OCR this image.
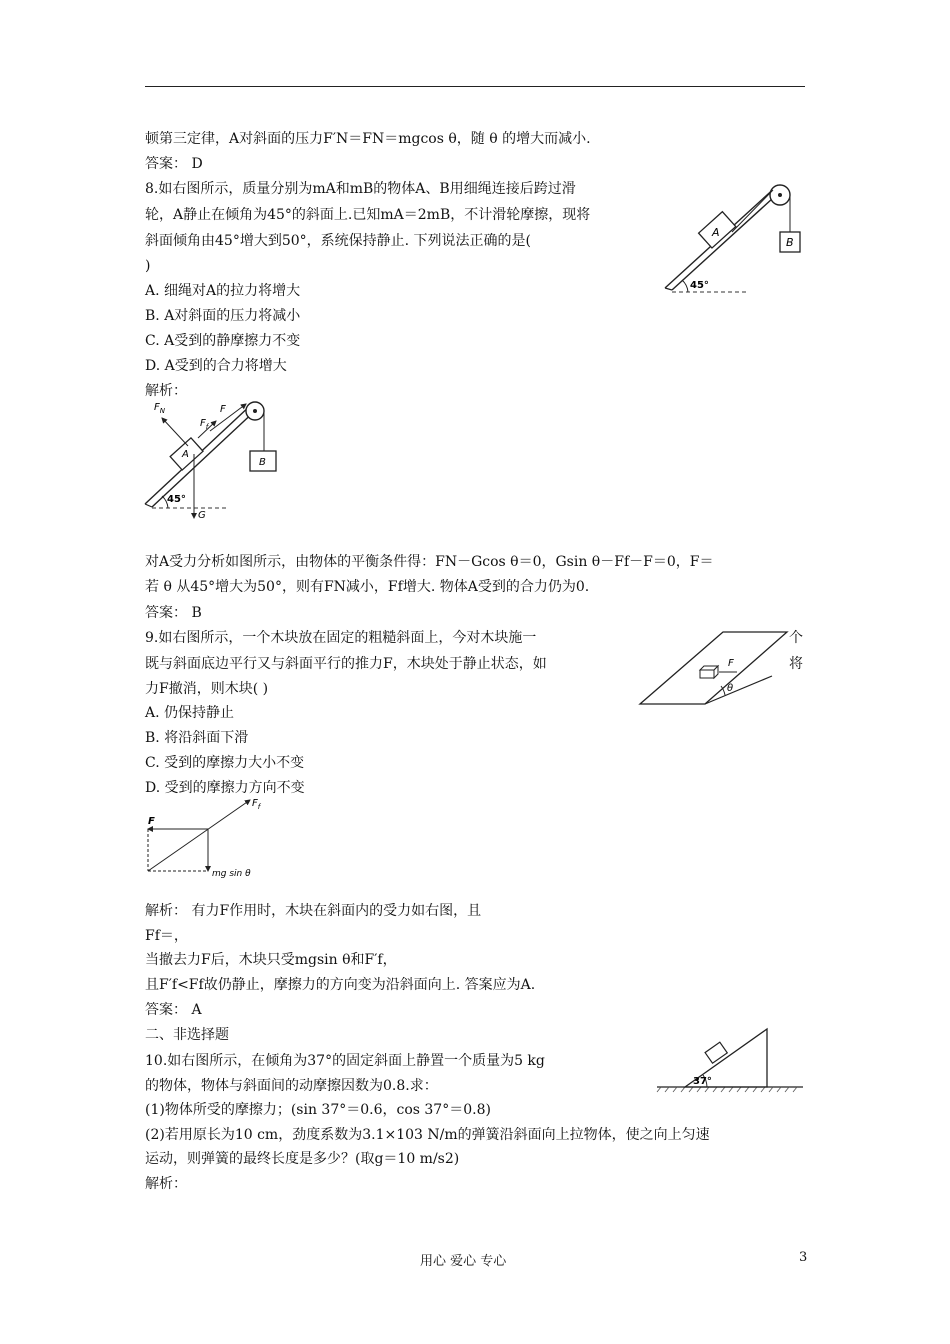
顿第三定律，A对斜面的压力F′N＝FN＝mgcos θ，随 θ 的增大而减小.
答案： D
8.如右图所示，质量分别为mA和mB的物体A、B用细绳连接后跨过滑
轮，A静止在倾角为45°的斜面上.已知mA＝2mB，不计滑轮摩擦，现将
斜面倾角由45°增大到50°，系统保持静止. 下列说法正确的是(
)
A. 细绳对A的拉力将增大
B. A对斜面的压力将减小
C. A受到的静摩擦力不变
D. A受到的合力将增大
解析：
对A受力分析如图所示，由物体的平衡条件得：FN－Gcos θ＝0，Gsin θ－Ff－F＝0，F＝
若 θ 从45°增大为50°，则有FN减小，Ff增大. 物体A受到的合力仍为0.
答案： B
9.如右图所示，一个木块放在固定的粗糙斜面上，今对木块施一
既与斜面底边平行又与斜面平行的推力F，木块处于静止状态，如
力F撤消，则木块( )
A. 仍保持静止
B. 将沿斜面下滑
C. 受到的摩擦力大小不变
D. 受到的摩擦力方向不变
解析： 有力F作用时，木块在斜面内的受力如右图，且
Ff＝，
当撤去力F后，木块只受mgsin θ和F′f，
且F′f<Ff故仍静止，摩擦力的方向变为沿斜面向上. 答案应为A.
答案： A
二、非选择题
10.如右图所示，在倾角为37°的固定斜面上静置一个质量为5 kg
的物体，物体与斜面间的动摩擦因数为0.8.求：
(1)物体所受的摩擦力；(sin 37°＝0.6，cos 37°＝0.8)
(2)若用原长为10 cm，劲度系数为3.1×103 N/m的弹簧沿斜面向上拉物体，使之向上匀速
运动，则弹簧的最终长度是多少？(取g＝10 m/s2)
解析：
个
将
A
B
45°
A
$F_N$
$F_f$
F
G
B
45°
θ
F
F
$F_f$
mg sin θ
37°
用心 爱心 专心	3
